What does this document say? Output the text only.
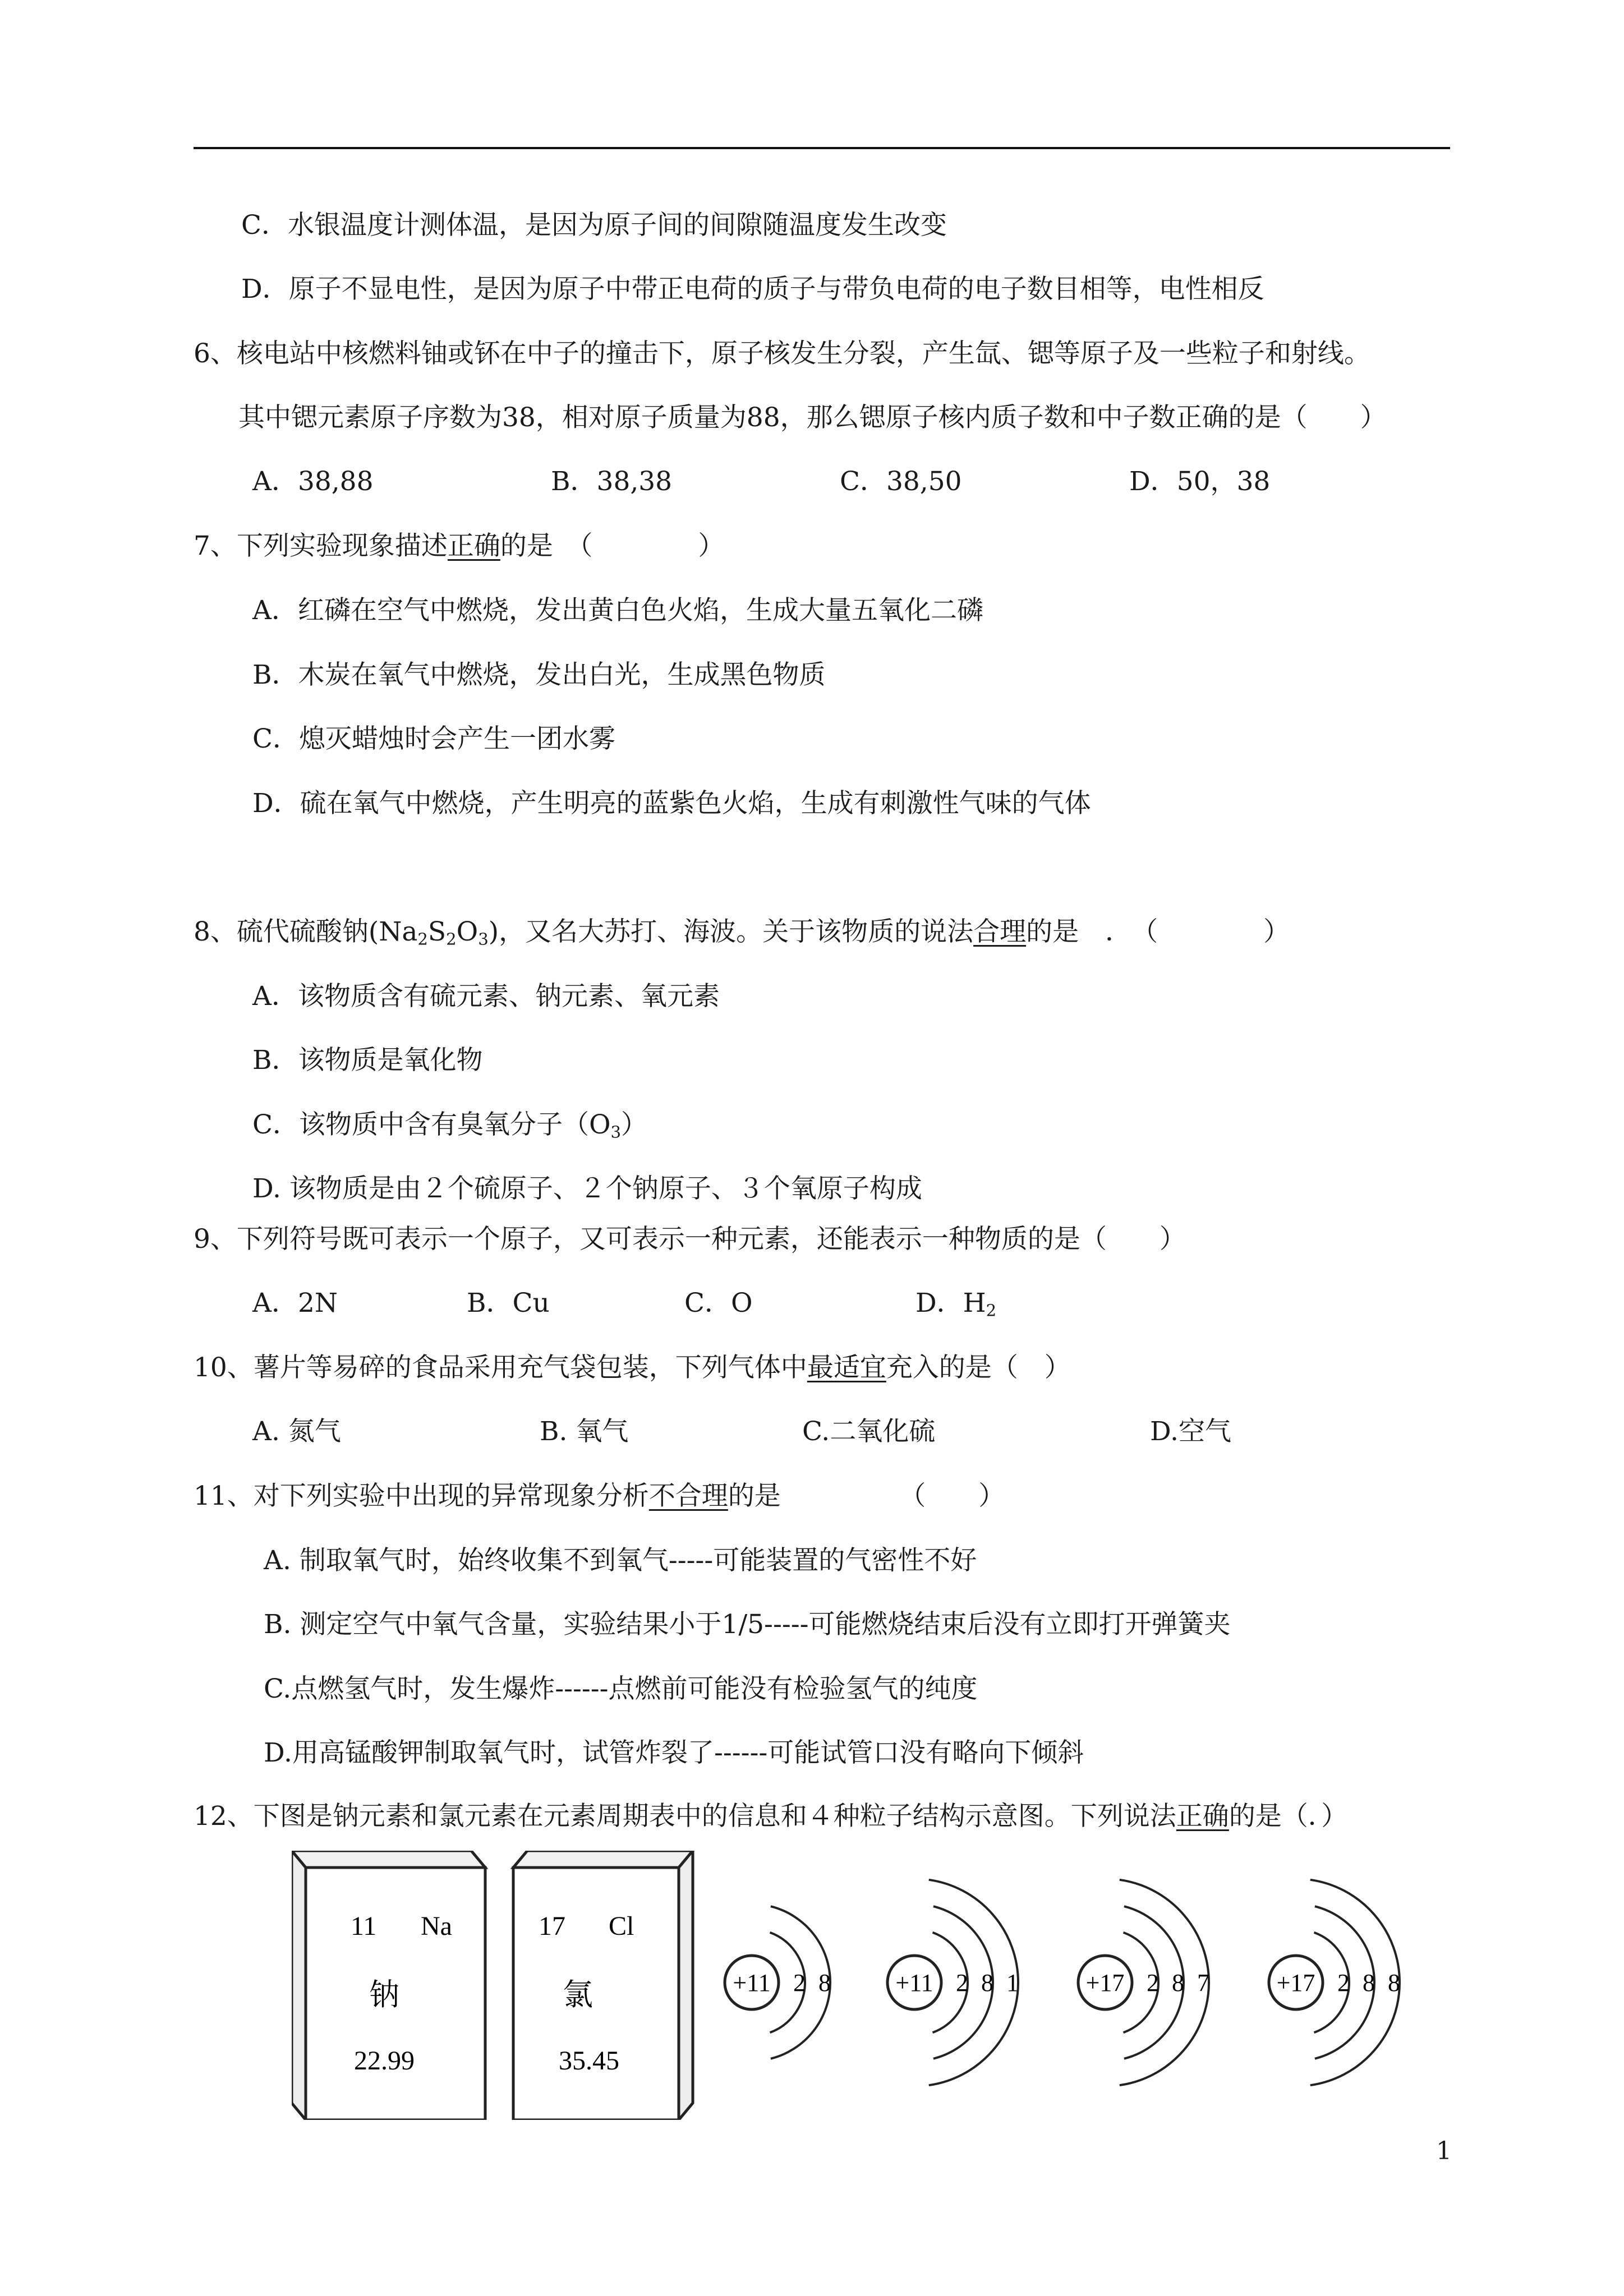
C．水银温度计测体温，是因为原子间的间隙随温度发生改变
D．原子不显电性，是因为原子中带正电荷的质子与带负电荷的电子数目相等，电性相反
6、核电站中核燃料铀或钚在中子的撞击下，原子核发生分裂，产生氙、锶等原子及一些粒子和射线。
其中锶元素原子序数为38，相对原子质量为88，那么锶原子核内质子数和中子数正确的是（　　）
A．38,88	B．38,38	C．38,50	D．50，38
7、下列实验现象描述正确的是　（　　　　）
A．红磷在空气中燃烧，发出黄白色火焰，生成大量五氧化二磷
B．木炭在氧气中燃烧，发出白光，生成黑色物质
C．熄灭蜡烛时会产生一团水雾
D．硫在氧气中燃烧，产生明亮的蓝紫色火焰，生成有刺激性气味的气体
8、硫代硫酸钠$(Na_2S_2O_3)$，又名大苏打、海波。关于该物质的说法合理的是　．　（　　　　）
A．该物质含有硫元素、钠元素、氧元素
B．该物质是氧化物
C．该物质中含有臭氧分子$(O_3)$
D. 该物质是由２个硫原子、２个钠原子、３个氧原子构成
9、下列符号既可表示一个原子，又可表示一种元素，还能表示一种物质的是（　　）
A．2N	B．Cu	C．O	D．$H_2$
10、薯片等易碎的食品采用充气袋包装，下列气体中最适宜充入的是（　）
A. 氮气	B. 氧气	C.二氧化硫	D.空气
11、对下列实验中出现的异常现象分析不合理的是　　　　　（　　）
A. 制取氧气时，始终收集不到氧气-----可能装置的气密性不好
B. 测定空气中氧气含量，实验结果小于1/5-----可能燃烧结束后没有立即打开弹簧夹
C.点燃氢气时，发生爆炸------点燃前可能没有检验氢气的纯度
D.用高锰酸钾制取氧气时，试管炸裂了------可能试管口没有略向下倾斜
12、下图是钠元素和氯元素在元素周期表中的信息和４种粒子结构示意图。下列说法正确的是（．）
11 Na
钠
22.99
17 Cl
氯
35.45
+11 2 8	+11 2 8 1	+17 2 8 7	+17 2 8 8
1
